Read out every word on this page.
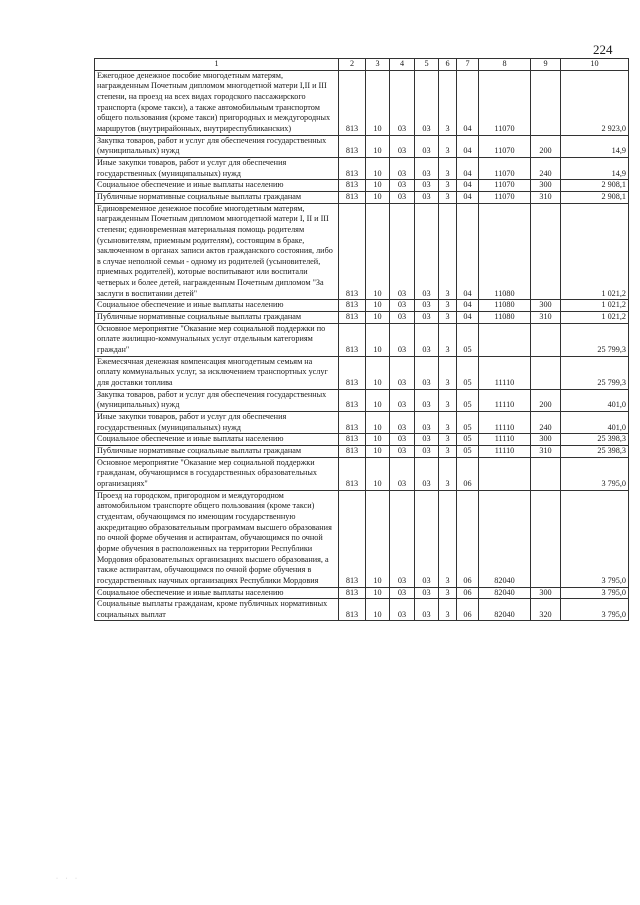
224
1	2	3	4	5	6	7	8	9	10
Ежегодное денежное пособие многодетным матерям, награжденным Почетным дипломом многодетной матери I,II и III степени, на проезд на всех видах городского пассажирского транспорта (кроме такси), а также автомобильным транспортом общего пользования (кроме такси) пригородных и междугородных маршрутов (внутрирайонных, внутриреспубликанских)	813	10	03	03	3	04	11070		2 923,0
Закупка товаров, работ и услуг для обеспечения государственных (муниципальных) нужд	813	10	03	03	3	04	11070	200	14,9
Иные закупки товаров, работ и услуг для обеспечения государственных (муниципальных) нужд	813	10	03	03	3	04	11070	240	14,9
Социальное обеспечение и иные выплаты населению	813	10	03	03	3	04	11070	300	2 908,1
Публичные нормативные социальные выплаты гражданам	813	10	03	03	3	04	11070	310	2 908,1
Единовременное денежное пособие многодетным матерям, награжденным Почетным дипломом многодетной матери I, II и III степени; единовременная материальная помощь родителям (усыновителям, приемным родителям), состоящим в браке, заключенном в органах записи актов гражданского состояния, либо в случае неполной семьи - одному из родителей (усыновителей, приемных родителей), которые воспитывают или воспитали четверых и более детей, награжденным Почетным дипломом "За заслуги в воспитании детей"	813	10	03	03	3	04	11080		1 021,2
Социальное обеспечение и иные выплаты населению	813	10	03	03	3	04	11080	300	1 021,2
Публичные нормативные социальные выплаты гражданам	813	10	03	03	3	04	11080	310	1 021,2
Основное мероприятие "Оказание мер социальной поддержки по оплате жилищно-коммунальных услуг отдельным категориям граждан"	813	10	03	03	3	05			25 799,3
Ежемесячная денежная компенсация многодетным семьям на оплату коммунальных услуг, за исключением транспортных услуг для доставки топлива	813	10	03	03	3	05	11110		25 799,3
Закупка товаров, работ и услуг для обеспечения государственных (муниципальных) нужд	813	10	03	03	3	05	11110	200	401,0
Иные закупки товаров, работ и услуг для обеспечения государственных (муниципальных) нужд	813	10	03	03	3	05	11110	240	401,0
Социальное обеспечение и иные выплаты населению	813	10	03	03	3	05	11110	300	25 398,3
Публичные нормативные социальные выплаты гражданам	813	10	03	03	3	05	11110	310	25 398,3
Основное мероприятие "Оказание мер социальной поддержки гражданам, обучающимся в государственных образовательных организациях"	813	10	03	03	3	06			3 795,0
Проезд на городском, пригородном и междугородном автомобильном транспорте общего пользования (кроме такси) студентам, обучающимся по имеющим государственную аккредитацию образовательным программам высшего образования по очной форме обучения и аспирантам, обучающимся по очной форме обучения в расположенных на территории Республики Мордовия образовательных организациях высшего образования, а также аспирантам, обучающимся по очной форме обучения в государственных научных организациях Республики Мордовия	813	10	03	03	3	06	82040		3 795,0
Социальное обеспечение и иные выплаты населению	813	10	03	03	3	06	82040	300	3 795,0
Социальные выплаты гражданам, кроме публичных нормативных социальных выплат	813	10	03	03	3	06	82040	320	3 795,0
· · ·
